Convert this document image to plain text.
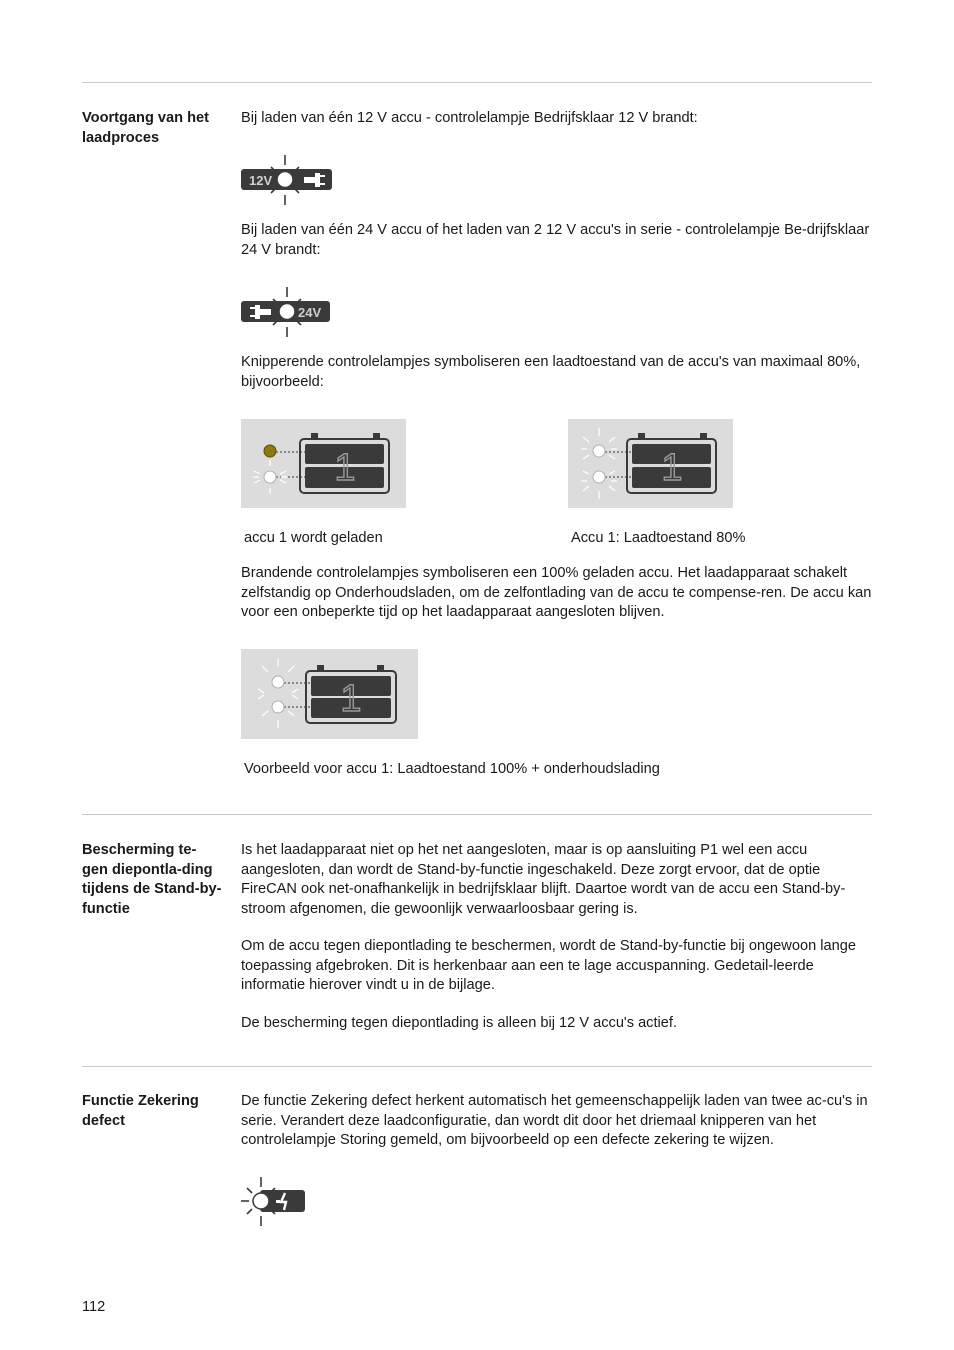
Voortgang van het laadproces
Bij laden van één 12 V accu - controlelampje Bedrijfsklaar 12 V brandt:
12V
Bij laden van één 24 V accu of het laden van 2 12 V accu's in serie - controlelampje Be-drijfsklaar 24 V brandt:
24V
Knipperende controlelampjes symboliseren een laadtoestand van de accu's van maximaal 80%, bijvoorbeeld:
1
accu 1 wordt geladen
1
Accu 1: Laadtoestand 80%
Brandende controlelampjes symboliseren een 100% geladen accu. Het laadapparaat schakelt zelfstandig op Onderhoudsladen, om de zelfontlading van de accu te compense-ren. De accu kan voor een onbeperkte tijd op het laadapparaat aangesloten blijven.
1
Voorbeeld voor accu 1: Laadtoestand 100% + onderhoudslading
Bescherming te-gen diepontla-ding tijdens de Stand-by-functie
Is het laadapparaat niet op het net aangesloten, maar is op aansluiting P1 wel een accu aangesloten, dan wordt de Stand-by-functie ingeschakeld. Deze zorgt ervoor, dat de optie FireCAN ook net-onafhankelijk in bedrijfsklaar blijft. Daartoe wordt van de accu een Stand-by-stroom afgenomen, die gewoonlijk verwaarloosbaar gering is.
Om de accu tegen diepontlading te beschermen, wordt de Stand-by-functie bij ongewoon lange toepassing afgebroken. Dit is herkenbaar aan een te lage accuspanning. Gedetail-leerde informatie hierover vindt u in de bijlage.
De bescherming tegen diepontlading is alleen bij 12 V accu's actief.
Functie Zekering defect
De functie Zekering defect herkent automatisch het gemeenschappelijk laden van twee ac-cu's in serie. Verandert deze laadconfiguratie, dan wordt dit door het driemaal knipperen van het controlelampje Storing gemeld, om bijvoorbeeld op een defecte zekering te wijzen.
112
